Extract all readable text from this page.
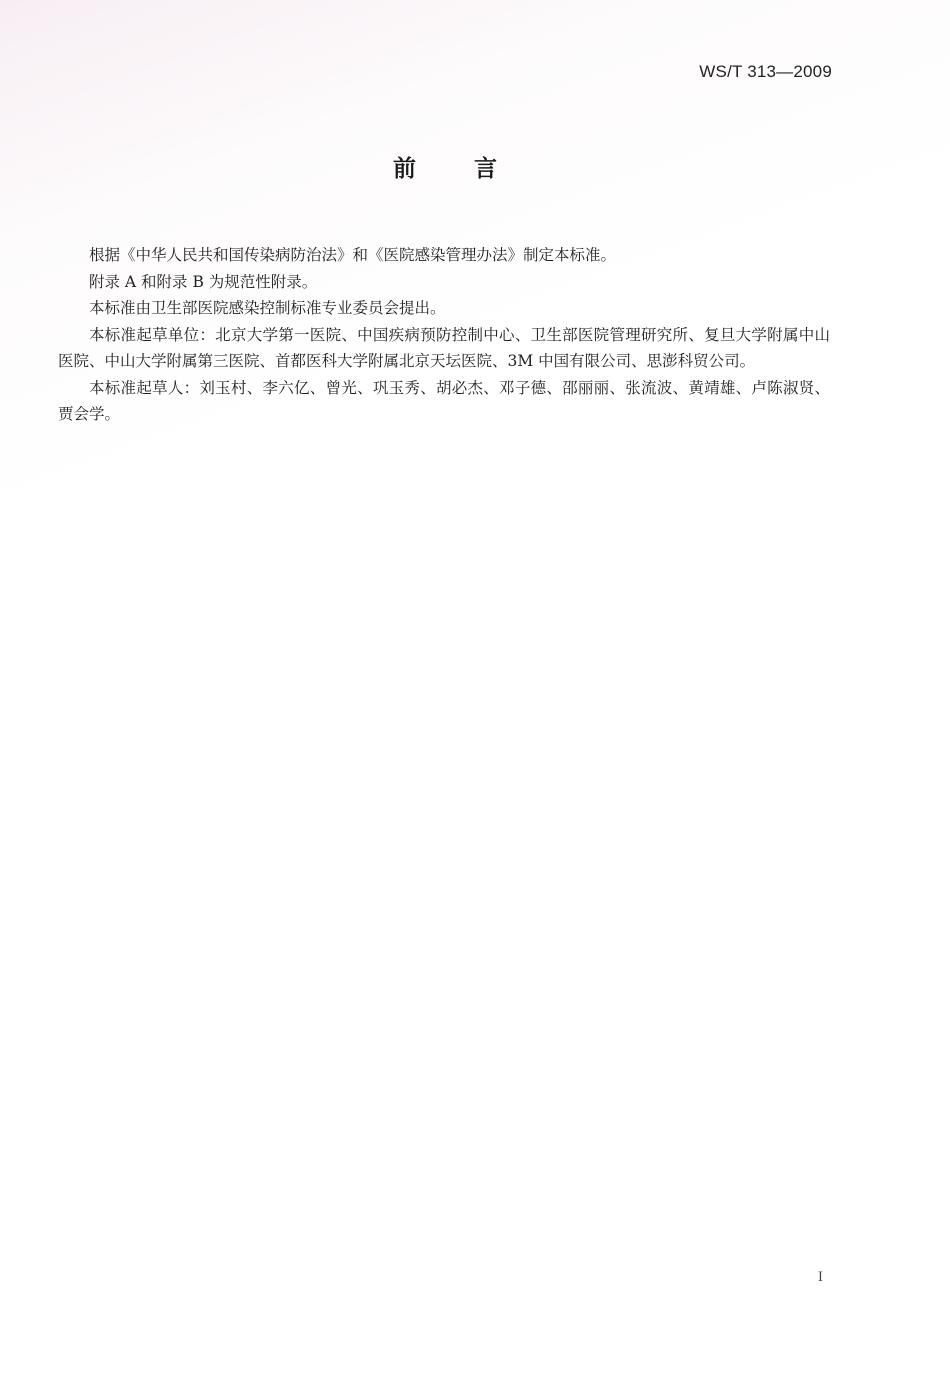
WS/T 313—2009
前	言

根据《中华人民共和国传染病防治法》和《医院感染管理办法》制定本标准。

附录 A 和附录 B 为规范性附录。

本标准由卫生部医院感染控制标准专业委员会提出。

本标准起草单位：北京大学第一医院、中国疾病预防控制中心、卫生部医院管理研究所、复旦大学附属中山医院、中山大学附属第三医院、首都医科大学附属北京天坛医院、3M 中国有限公司、思澎科贸公司。

本标准起草人：刘玉村、李六亿、曾光、巩玉秀、胡必杰、邓子德、邵丽丽、张流波、黄靖雄、卢陈淑贤、贾会学。

I
